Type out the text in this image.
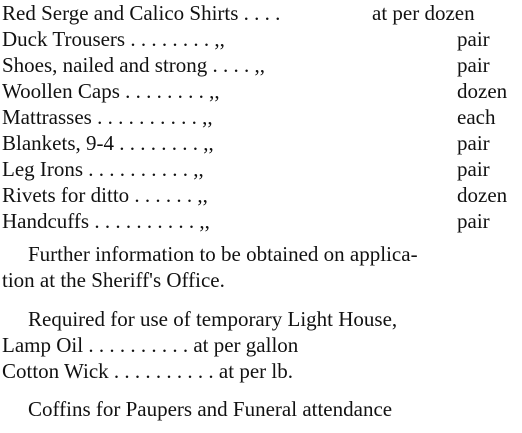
Red Serge and Calico Shirts . . . .	at per dozen
Duck Trousers . . . . . . . . ,,	pair
Shoes, nailed and strong . . . . ,,	pair
Woollen Caps . . . . . . . . ,,	dozen
Mattrasses . . . . . . . . . . ,,	each
Blankets, 9-4 . . . . . . . . ,,	pair
Leg Irons . . . . . . . . . . ,,	pair
Rivets for ditto . . . . . . ,,	dozen
Handcuffs . . . . . . . . . . ,,	pair
Further information to be obtained on applica-
tion at the Sheriff's Office.
Required for use of temporary Light House,
Lamp Oil . . . . . . . . . . at per gallon
Cotton Wick . . . . . . . . . . at per lb.
Coffins for Paupers and Funeral attendance
